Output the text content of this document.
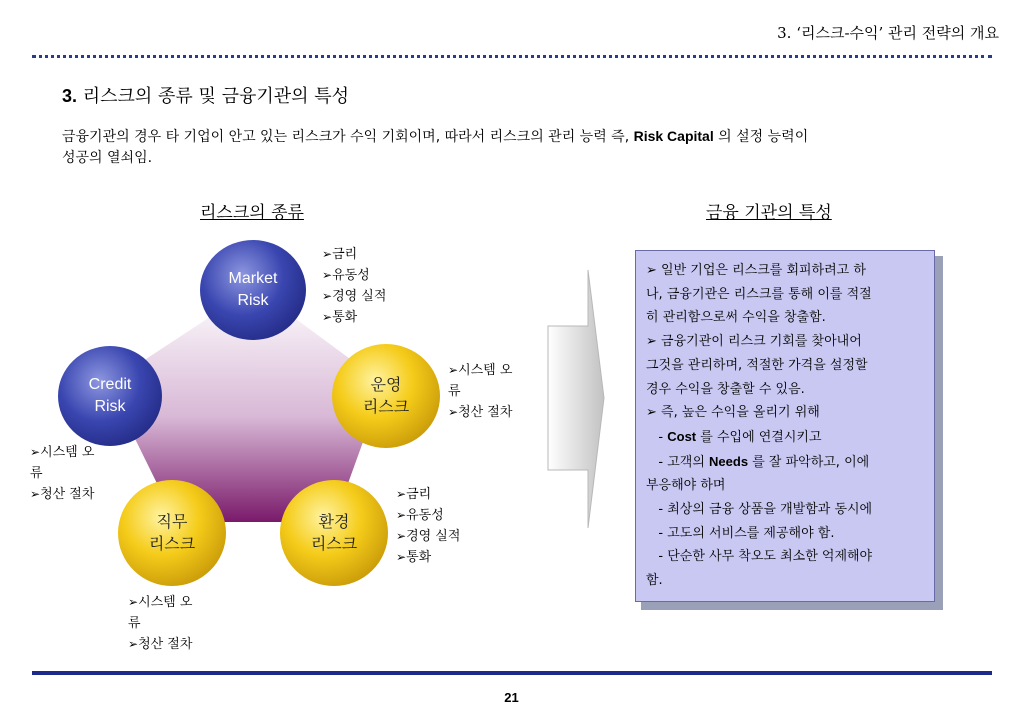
3. ‘리스크-수익’ 관리 전략의 개요
3. 리스크의 종류 및 금융기관의 특성
금융기관의 경우 타 기업이 안고 있는 리스크가 수익 기회이며, 따라서 리스크의 관리 능력 즉, Risk Capital 의 설정 능력이
성공의 열쇠임.
리스크의 종류	금융 기관의 특성
Market
Risk
Credit
Risk
운영
리스크
직무
리스크
환경
리스크
➢ 금리
➢ 유동성
➢ 경영 실적
➢ 통화
➢ 시스템 오
류
➢ 청산 절차
➢ 시스템 오
류
➢ 청산 절차
➢	금리
➢ 유동성
➢ 경영 실적
➢ 통화
➢ 시스템 오
류
➢ 청산 절차
➢ 일반 기업은 리스크를 회피하려고 하
나, 금융기관은 리스크를 통해 이를 적절
히 관리함으로써 수익을 창출함.
➢ 금융기관이 리스크 기회를 찾아내어
그것을 관리하며, 적절한 가격을 설정할
경우 수익을 창출할 수 있음.
➢ 즉, 높은 수익을 올리기 위해
- Cost 를 수입에 연결시키고
- 고객의 Needs 를 잘 파악하고, 이에
부응해야 하며
- 최상의 금융 상품을 개발함과 동시에
- 고도의 서비스를 제공해야 함.
- 단순한 사무 착오도 최소한 억제해야
함.
21
